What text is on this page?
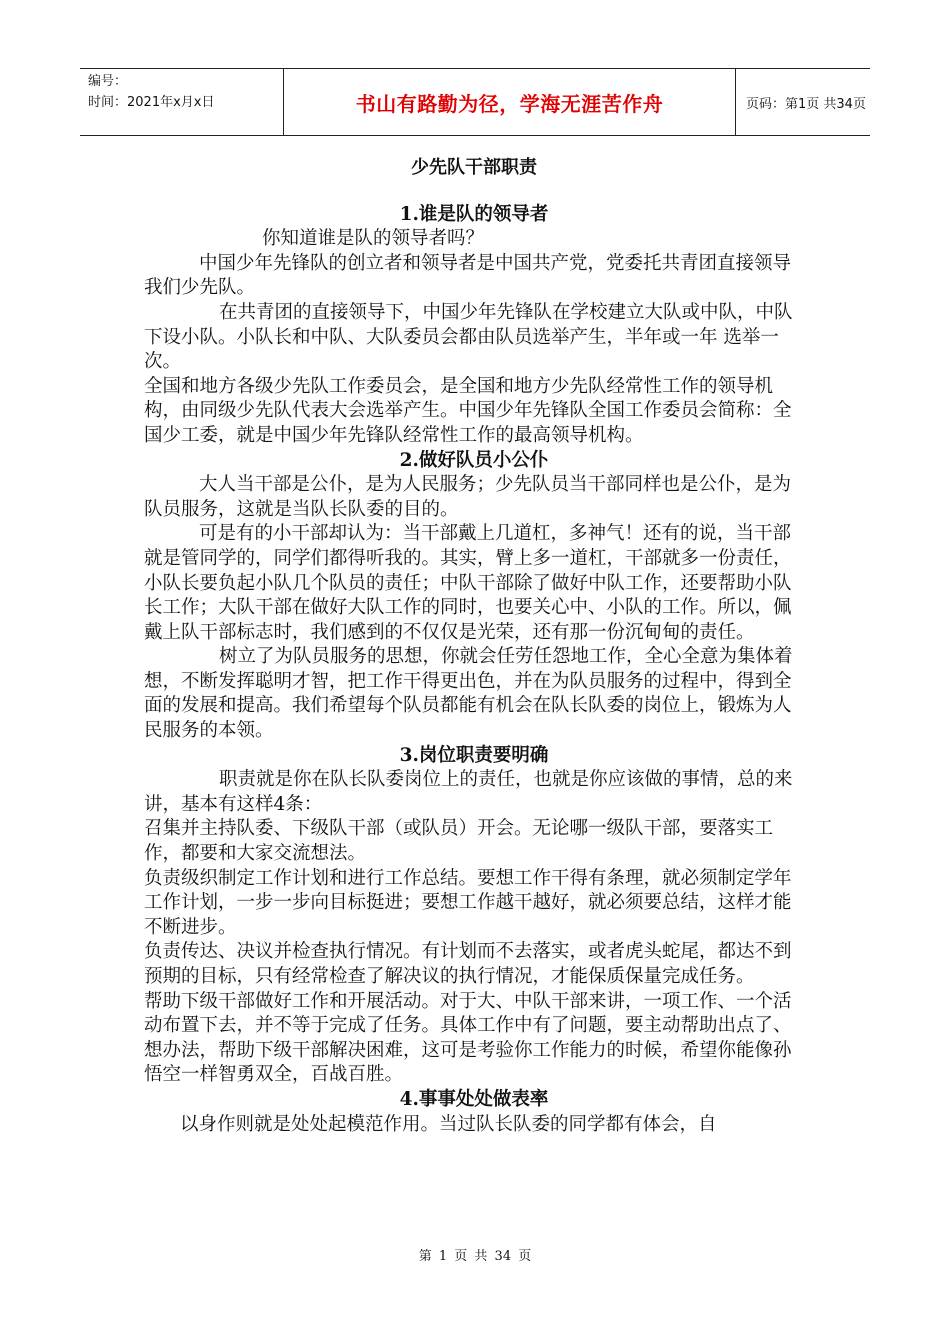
编号：
时间：2021年x月x日	书山有路勤为径，学海无涯苦作舟	页码：第1页 共34页
少先队干部职责
1.谁是队的领导者

你知道谁是队的领导者吗？

中国少年先锋队的创立者和领导者是中国共产党，党委托共青团直接领导我们少先队。

在共青团的直接领导下，中国少年先锋队在学校建立大队或中队，中队下设小队。小队长和中队、大队委员会都由队员选举产生，半年或一年 选举一次。

全国和地方各级少先队工作委员会，是全国和地方少先队经常性工作的领导机构，由同级少先队代表大会选举产生。中国少年先锋队全国工作委员会简称：全国少工委，就是中国少年先锋队经常性工作的最高领导机构。

2.做好队员小公仆

大人当干部是公仆，是为人民服务；少先队员当干部同样也是公仆，是为队员服务，这就是当队长队委的目的。

可是有的小干部却认为：当干部戴上几道杠，多神气！还有的说，当干部就是管同学的，同学们都得听我的。其实，臂上多一道杠，干部就多一份责任，小队长要负起小队几个队员的责任；中队干部除了做好中队工作，还要帮助小队长工作；大队干部在做好大队工作的同时，也要关心中、小队的工作。所以，佩戴上队干部标志时，我们感到的不仅仅是光荣，还有那一份沉甸甸的责任。

树立了为队员服务的思想，你就会任劳任怨地工作，全心全意为集体着想，不断发挥聪明才智，把工作干得更出色，并在为队员服务的过程中，得到全面的发展和提高。我们希望每个队员都能有机会在队长队委的岗位上，锻炼为人民服务的本领。

3.岗位职责要明确

职责就是你在队长队委岗位上的责任，也就是你应该做的事情，总的来讲，基本有这样4条：

召集并主持队委、下级队干部（或队员）开会。无论哪一级队干部，要落实工作，都要和大家交流想法。

负责级织制定工作计划和进行工作总结。要想工作干得有条理，就必须制定学年工作计划，一步一步向目标挺进；要想工作越干越好，就必须要总结，这样才能不断进步。

负责传达、决议并检查执行情况。有计划而不去落实，或者虎头蛇尾，都达不到预期的目标，只有经常检查了解决议的执行情况，才能保质保量完成任务。

帮助下级干部做好工作和开展活动。对于大、中队干部来讲，一项工作、一个活动布置下去，并不等于完成了任务。具体工作中有了问题，要主动帮助出点了、想办法，帮助下级干部解决困难，这可是考验你工作能力的时候，希望你能像孙悟空一样智勇双全，百战百胜。

4.事事处处做表率

以身作则就是处处起模范作用。当过队长队委的同学都有体会，自

第 1 页 共 34 页
